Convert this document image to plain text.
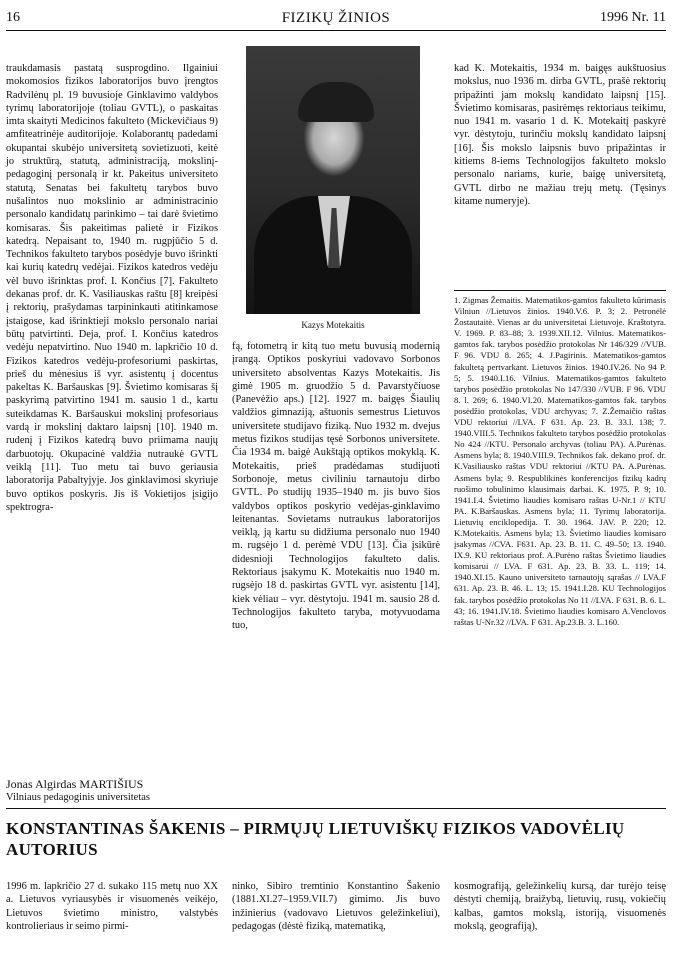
16	FIZIKŲ ŽINIOS	1996 Nr. 11

traukdamasis pastatą susprogdino. Ilgainiui mokomosios fizikos laboratorijos buvo įrengtos Radvilėnų pl. 19 buvusioje Ginklavimo valdybos tyrimų laboratorijoje (toliau GVTL), o paskaitas imta skaityti Medicinos fakulteto (Mickevičiaus 9) amfiteatrinėje auditorijoje. Kolaborantų padedami okupantai skubėjo universitetą sovietizuoti, keitė jo struktūrą, statutą, administraciją, mokslinį-pedagoginį personalą ir kt. Pakeitus universiteto statutą, Senatas bei fakultetų tarybos buvo nušalintos nuo mokslinio ar administracinio personalo kandidatų parinkimo – tai darė švietimo komisaras. Šis pakeitimas palietė ir Fizikos katedrą. Nepaisant to, 1940 m. rugpjūčio 5 d. Technikos fakulteto tarybos posėdyje buvo išrinkti kai kurių katedrų vedėjai. Fizikos katedros vedėju vėl buvo išrinktas prof. I. Končius [7]. Fakulteto dekanas prof. dr. K. Vasiliauskas raštu [8] kreipėsi į rektorių, prašydamas tarpininkauti atitinkamose įstaigose, kad išrinktieji mokslo personalo nariai būtų patvirtinti. Deja, prof. I. Končius katedros vedėju nepatvirtino. Nuo 1940 m. lapkričio 10 d. Fizikos katedros vedėju-profesoriumi paskirtas, prieš du mėnesius iš vyr. asistentų į docentus pakeltas K. Baršauskas [9]. Švietimo komisaras šį paskyrimą patvirtino 1941 m. sausio 1 d., kartu suteikdamas K. Baršauskui mokslinį profesoriaus vardą ir mokslinį daktaro laipsnį [10]. 1940 m. rudenį į Fizikos katedrą buvo priimama naujų darbuotojų. Okupacinė valdžia nutraukė GVTL veiklą [11]. Tuo metu tai buvo geriausia laboratorija Pabaltyjyje. Jos ginklavimosi skyriuje buvo optikos poskyris. Jis iš Vokietijos įsigijo spektrogra-

Kazys Motekaitis

fą, fotometrą ir kitą tuo metu buvusią modernią įrangą. Optikos poskyriui vadovavo Sorbonos universiteto absolventas Kazys Motekaitis. Jis gimė 1905 m. gruodžio 5 d. Pavarstyčiuose (Panevėžio aps.) [12]. 1927 m. baigęs Šiaulių valdžios gimnaziją, aštuonis semestrus Lietuvos universitete studijavo fiziką. Nuo 1932 m. dvejus metus fizikos studijas tęsė Sorbonos universitete. Čia 1934 m. baigė Aukštąją optikos mokyklą. K. Motekaitis, prieš pradėdamas studijuoti Sorbonoje, metus civiliniu tarnautoju dirbo GVTL. Po studijų 1935–1940 m. jis buvo šios valdybos optikos poskyrio vedėjas-ginklavimo leitenantas. Sovietams nutraukus laboratorijos veiklą, ją kartu su didžiuma personalo nuo 1940 m. rugsėjo 1 d. perėmė VDU [13]. Čia įsikūrė didesnioji Technologijos fakulteto dalis. Rektoriaus įsakymu K. Motekaitis nuo 1940 m. rugsėjo 18 d. paskirtas GVTL vyr. asistentu [14], kiek vėliau – vyr. dėstytoju. 1941 m. sausio 28 d. Technologijos fakulteto taryba, motyvuodama tuo,

kad K. Motekaitis, 1934 m. baigęs aukštuosius mokslus, nuo 1936 m. dirba GVTL, prašė rektorių pripažinti jam mokslų kandidato laipsnį [15]. Švietimo komisaras, pasirėmęs rektoriaus teikimu, nuo 1941 m. vasario 1 d. K. Motekaitį paskyrė vyr. dėstytoju, turinčiu mokslų kandidato laipsnį [16]. Šis mokslo laipsnis buvo pripažintas ir kitiems 8-iems Technologijos fakulteto mokslo personalo nariams, kurie, baigę universitetą, GVTL dirbo ne mažiau trejų metų. (Tęsinys kitame numeryje).

1. Zigmas Žemaitis. Matematikos-gamtos fakulteto kūrimasis Vilniun //Lietuvos žinios. 1940.V.6. P. 3; 2. Petronėlė Žostautaitė. Vienas ar du universitetai Lietuvoje. Kraštotyra. V. 1969. P. 83–88; 3. 1939.XII.12. Vilnius. Matematikos-gamtos fak. tarybos posėdžio protokolas Nr 146/329 //VUB. F 96. VDU 8. 265; 4. J.Pagirinis. Matematikos-gamtos fakultetą pertvarkant. Lietuvos žinios. 1940.IV.26. No 94 P. 5; 5. 1940.I.16. Vilnius. Matematikos-gamtos fakulteto tarybos posėdžio protokolas No 147/330 //VUB. F 96. VDU 8. l. 269; 6. 1940.VI.20. Matematikos-gamtos fak. tarybos posėdžio protokolas, VDU archyvas; 7. Z.Žemaičio raštas VDU rektoriui //LVA. F 631. Ap. 23. B. 33.l. 138; 7. 1940.VIII.5. Technikos fakulteto tarybos posėdžio protokolas No 424 //KTU. Personalo archyvas (toliau PA). A.Purėnas. Asmens byla; 8. 1940.VIII.9. Technikos fak. dekano prof. dr. K.Vasiliausko raštas VDU rektoriui //KTU PA. A.Purėnas. Asmens byla; 9. Respublikinės konferencijos fizikų kadrų ruošimo tobulinimo klausimais darbai. K. 1975. P. 9; 10. 1941.I.4. Švietimo liaudies komisaro raštas U-Nr.1 // KTU PA. K.Baršauskas. Asmens byla; 11. Tyrimų laboratorija. Lietuvių enciklopedija. T. 30. 1964. JAV. P. 220; 12. K.Motekaitis. Asmens byla; 13. Švietimo liaudies komisaro įsakymas //CVA. F631. Ap. 23. B. 11. C. 49–50; 13. 1940. IX.9. KU rektoriaus prof. A.Purėno raštas Švietimo liaudies komisarui // LVA. F 631. Ap. 23. B. 33. L. 119; 14. 1940.XI.15. Kauno universiteto tarnautojų sąrašas // LVA.F 631. Ap. 23. B. 46. L. 13; 15. 1941.I.28. KU Technologijos fak. tarybos posėdžio protokolas No 11 //LVA. F 631. B. 6. L. 43; 16. 1941.IV.18. Švietimo liaudies komisaro A.Venclovos raštas U-Nr.32 //LVA. F 631. Ap.23.B. 3. L.160.
Jonas Algirdas MARTIŠIUS
Vilniaus pedagoginis universitetas
KONSTANTINAS ŠAKENIS – PIRMŲJŲ LIETUVIŠKŲ FIZIKOS VADOVĖLIŲ AUTORIUS
1996 m. lapkričio 27 d. sukako 115 metų nuo XX a. Lietuvos vyriausybės ir visuomenės veikėjo, Lietuvos švietimo ministro, valstybės kontrolieriaus ir seimo pirmi-
ninko, Sibiro tremtinio Konstantino Šakenio (1881.XI.27–1959.VII.7) gimimo. Jis buvo inžinierius (vadovavo Lietuvos geležinkeliui), pedagogas (dėstė fiziką, matematiką,
kosmografiją, geležinkelių kursą, dar turėjo teisę dėstyti chemiją, braižybą, lietuvių, rusų, vokiečių kalbas, gamtos mokslą, istoriją, visuomenės mokslą, geografiją),
